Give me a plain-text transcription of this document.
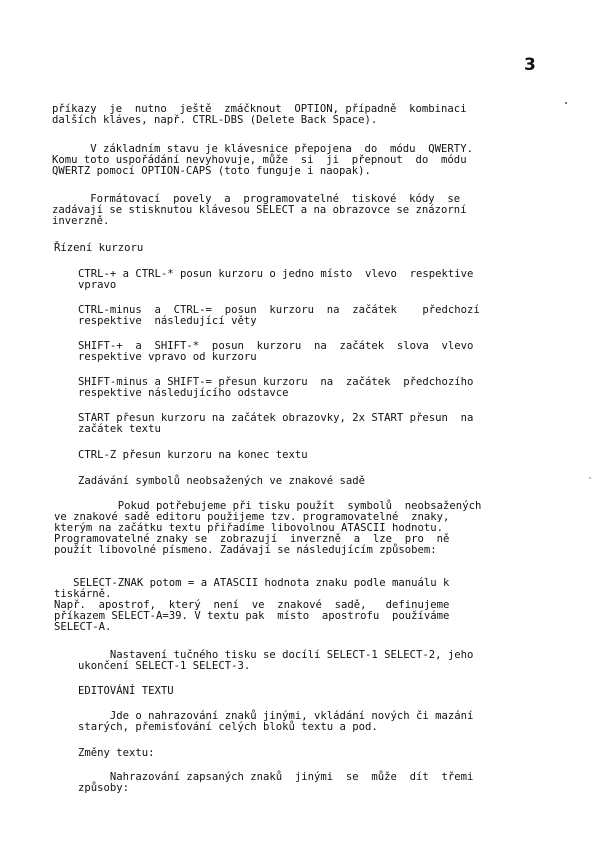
3

příkazy  je  nutno  ještě  zmáčknout  OPTION, případně  kombinaci
dalších kláves, např. CTRL-DBS (Delete Back Space).

V základním stavu je klávesnice přepojena  do  módu  QWERTY.
Komu toto uspořádání nevyhovuje, může  si  ji  přepnout  do  módu
QWERTZ pomocí OPTION-CAPS (toto funguje i naopak).

Formátovací  povely  a  programovatelné  tiskové  kódy  se
zadávají se stisknutou klávesou SELECT a na obrazovce se znázorní
inverzně.

Řízení kurzoru

CTRL-+ a CTRL-* posun kurzoru o jedno místo  vlevo  respektive
vpravo

CTRL-minus  a  CTRL-=  posun  kurzoru  na  začátek    předchozí
respektive  následující věty

SHIFT-+  a  SHIFT-*  posun  kurzoru  na  začátek  slova  vlevo
respektive vpravo od kurzoru

SHIFT-minus a SHIFT-= přesun kurzoru  na  začátek  předchozího
respektive následujícího odstavce

START přesun kurzoru na začátek obrazovky, 2x START přesun  na
začátek textu

CTRL-Z přesun kurzoru na konec textu

Zadávání symbolů neobsažených ve znakové sadě

Pokud potřebujeme při tisku použít  symbolů  neobsažených
ve znakové sadě editoru použijeme tzv. programovatelné  znaky,
kterým na začátku textu přiřadíme libovolnou ATASCII hodnotu.
Programovatelné znaky se  zobrazují  inverzně  a  lze  pro  ně
použít libovolné písmeno. Zadávají se následujícím způsobem:

SELECT-ZNAK potom = a ATASCII hodnota znaku podle manuálu k
tiskárně.
Např.  apostrof,  který  není  ve  znakové  sadě,   definujeme
příkazem SELECT-A=39. V textu pak  místo  apostrofu  používáme
SELECT-A.

Nastavení tučného tisku se docílí SELECT-1 SELECT-2, jeho
ukončení SELECT-1 SELECT-3.

EDITOVÁNÍ TEXTU

Jde o nahrazování znaků jinými, vkládání nových či mazání
starých, přemisťování celých bloků textu a pod.

Změny textu:

Nahrazování zapsaných znaků  jinými  se  může  dít  třemi
způsoby:
